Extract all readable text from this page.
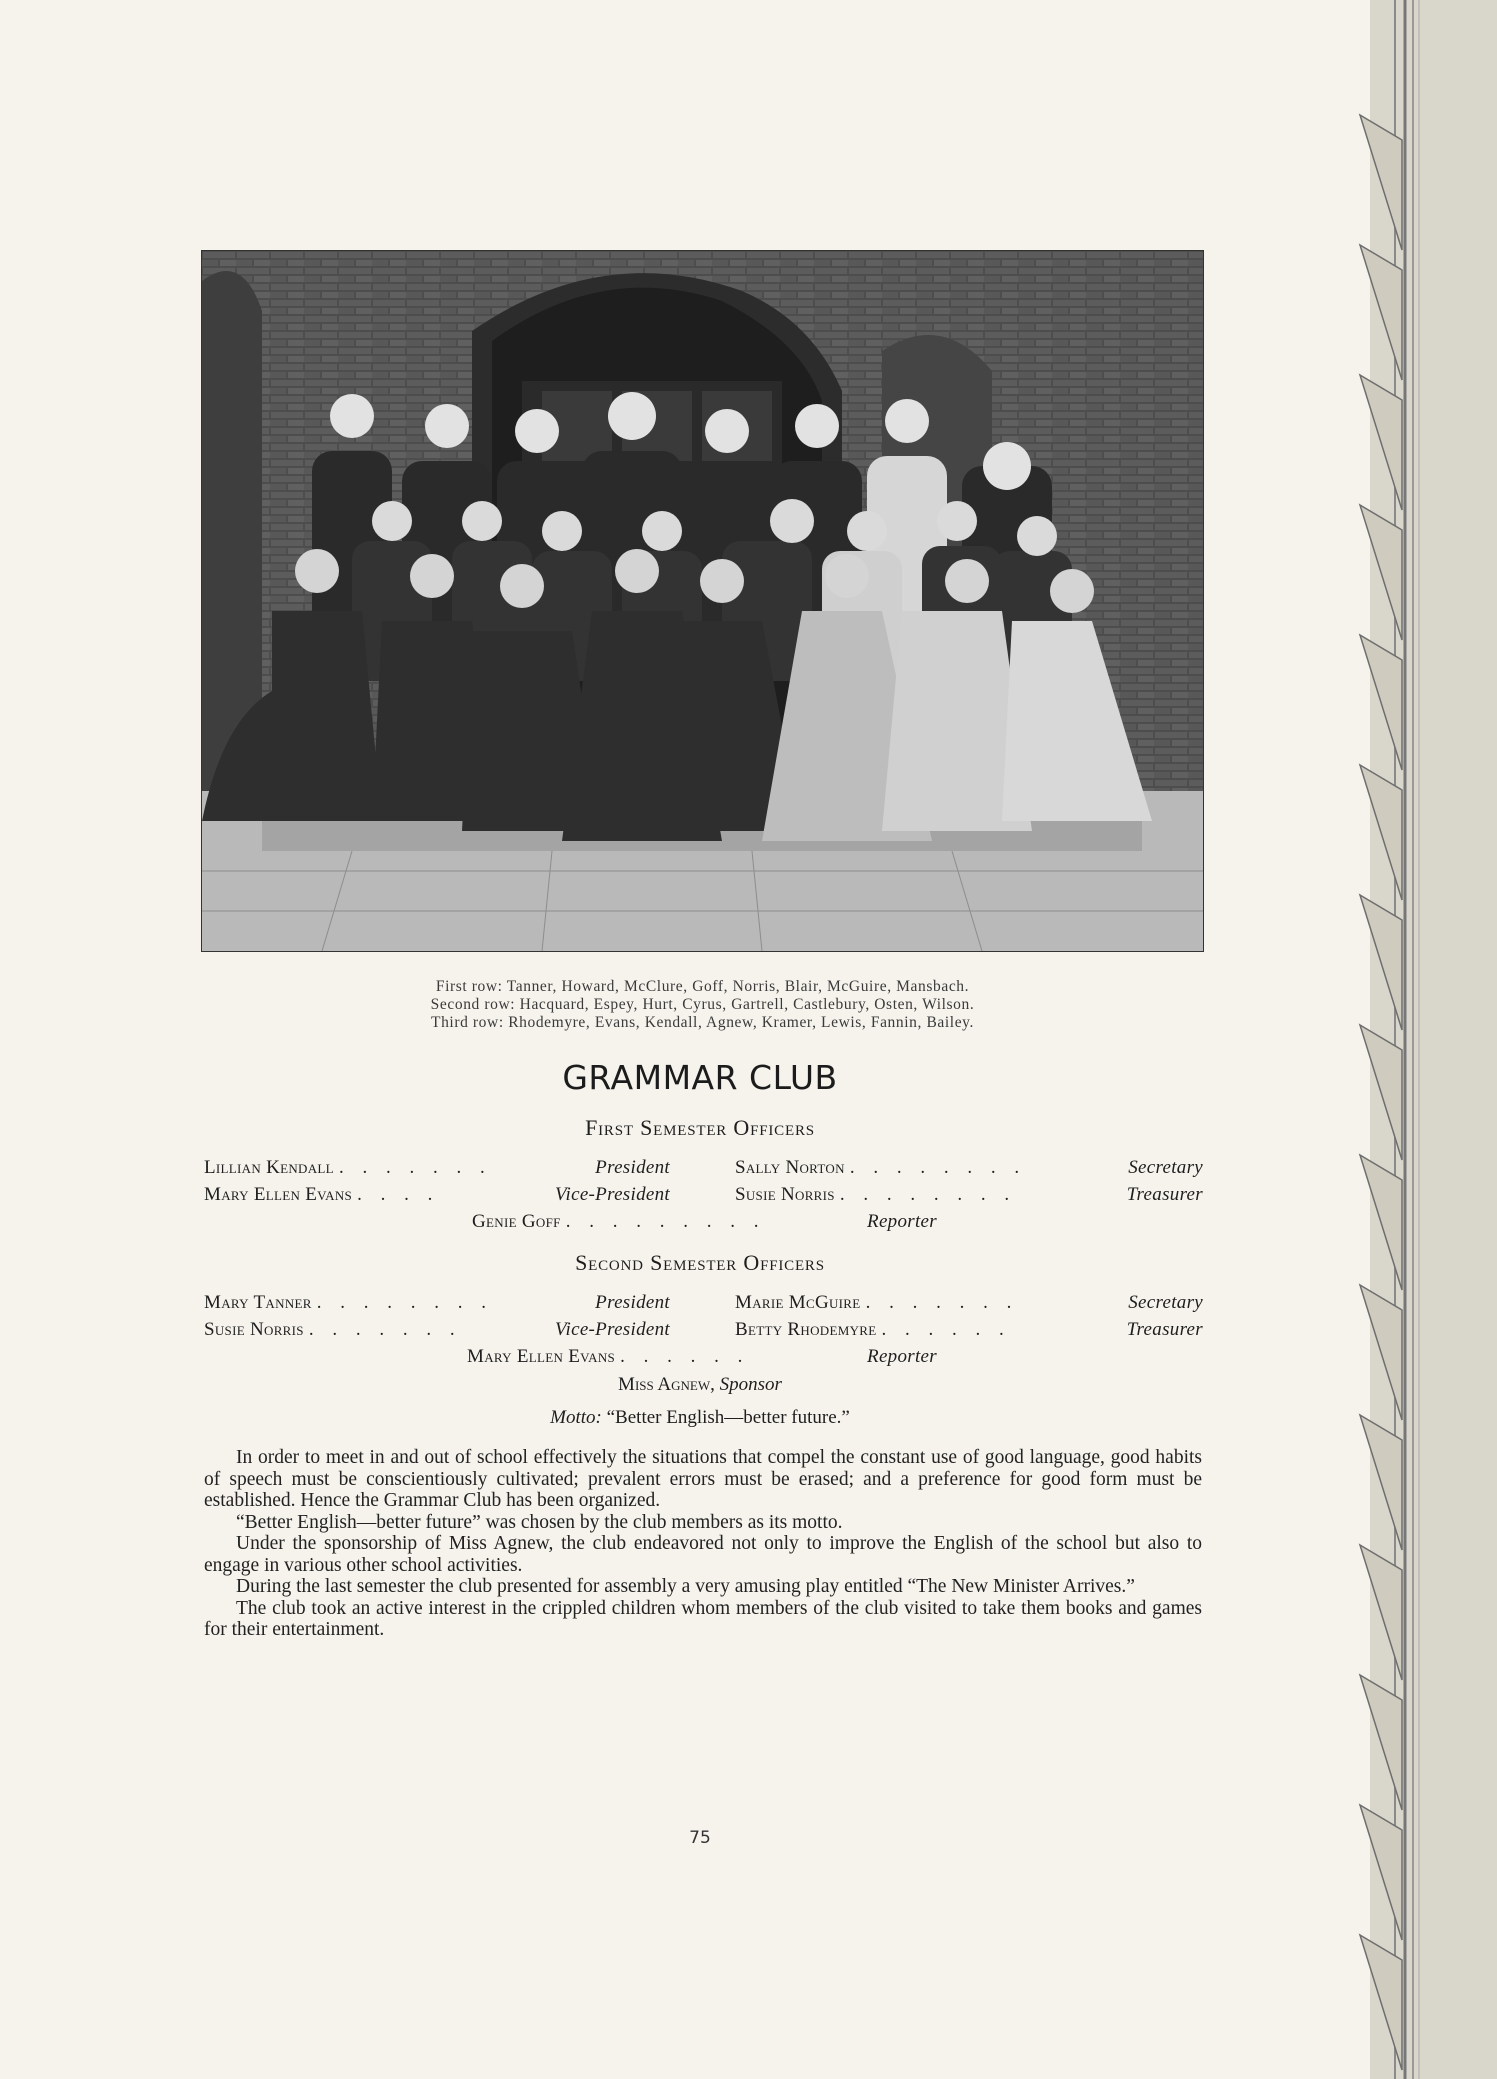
First row: Tanner, Howard, McClure, Goff, Norris, Blair, McGuire, Mansbach.
Second row: Hacquard, Espey, Hurt, Cyrus, Gartrell, Castlebury, Osten, Wilson.
Third row: Rhodemyre, Evans, Kendall, Agnew, Kramer, Lewis, Fannin, Bailey.
GRAMMAR CLUB
First Semester Officers
Lillian Kendall . . . . . . .	President
Mary Ellen Evans . . . .	Vice-President
Sally Norton . . . . . . . .	Secretary
Susie Norris . . . . . . . .	Treasurer
Genie Goff . . . . . . . . .	Reporter
Second Semester Officers
Mary Tanner . . . . . . . .	President
Susie Norris . . . . . . .	Vice-President
Marie McGuire . . . . . . .	Secretary
Betty Rhodemyre . . . . . .	Treasurer
Mary Ellen Evans . . . . . .	Reporter
Miss Agnew, Sponsor
Motto: “Better English—better future.”

In order to meet in and out of school effectively the situations that compel the constant use of good language, good habits of speech must be conscientiously cultivated; prevalent errors must be erased; and a preference for good form must be established. Hence the Grammar Club has been organized.

“Better English—better future” was chosen by the club members as its motto.

Under the sponsorship of Miss Agnew, the club endeavored not only to improve the English of the school but also to engage in various other school activities.

During the last semester the club presented for assembly a very amusing play entitled “The New Minister Arrives.”

The club took an active interest in the crippled children whom members of the club visited to take them books and games for their entertainment.

75
